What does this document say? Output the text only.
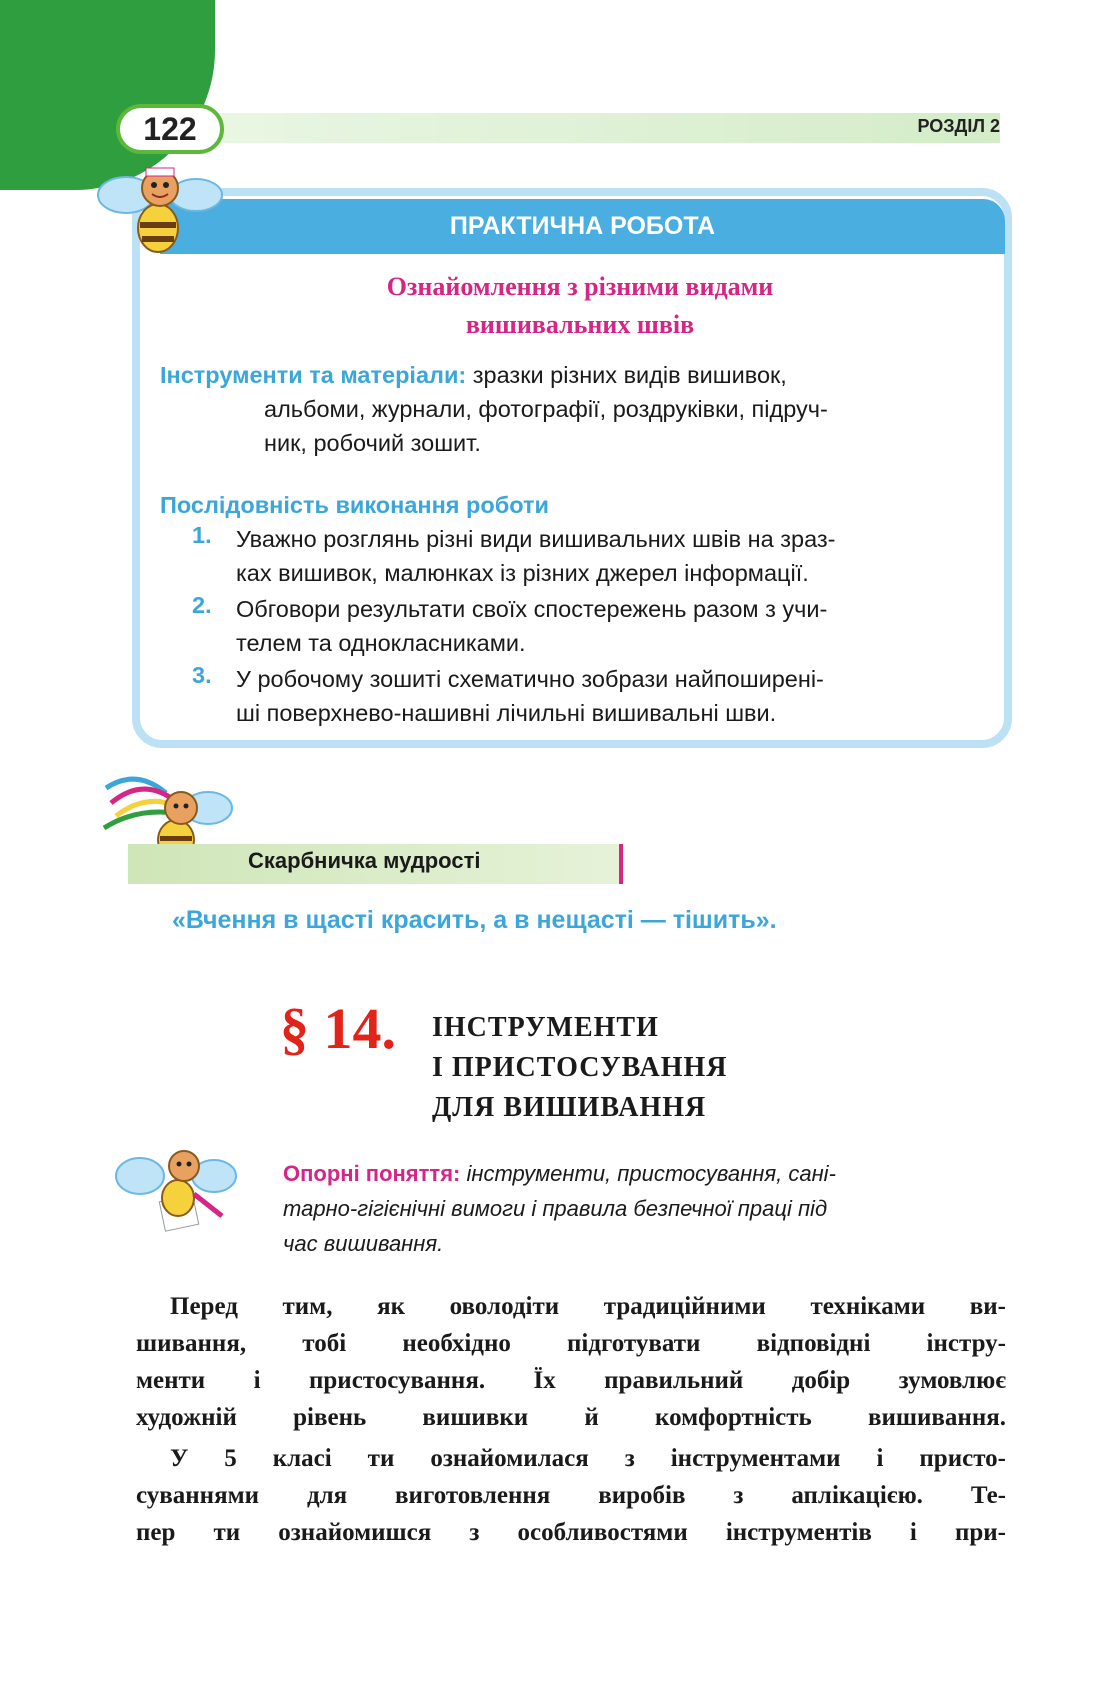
122	РОЗДІЛ 2
ПРАКТИЧНА РОБОТА
Ознайомлення з різними видами
вишивальних швів
Інструменти та матеріали: зразки різних видів вишивок,
альбоми, журнали, фотографії, роздруківки, підруч-
ник, робочий зошит.
Послідовність виконання роботи
1. Уважно розглянь різні види вишивальних швів на зраз-
ках вишивок, малюнках із різних джерел інформації.
2. Обговори результати своїх спостережень разом з учи-
телем та однокласниками.
3. У робочому зошиті схематично зобрази найпоширені-
ші поверхнево-нашивні лічильні вишивальні шви.
Скарбничка мудрості
«Вчення в щасті красить, а в нещасті — тішить».
§ 14. ІНСТРУМЕНТИ
І ПРИСТОСУВАННЯ
ДЛЯ ВИШИВАННЯ
Опорні поняття: інструменти, пристосування, сані-
тарно-гігієнічні вимоги і правила безпечної праці під
час вишивання.
Перед тим, як оволодіти традиційними техніками ви-
шивання, тобі необхідно підготувати відповідні інстру-
менти і пристосування. Їх правильний добір зумовлює
художній рівень вишивки й комфортність вишивання.
У 5 класі ти ознайомилася з інструментами і присто-
суваннями для виготовлення виробів з аплікацією. Те-
пер ти ознайомишся з особливостями інструментів і при-
